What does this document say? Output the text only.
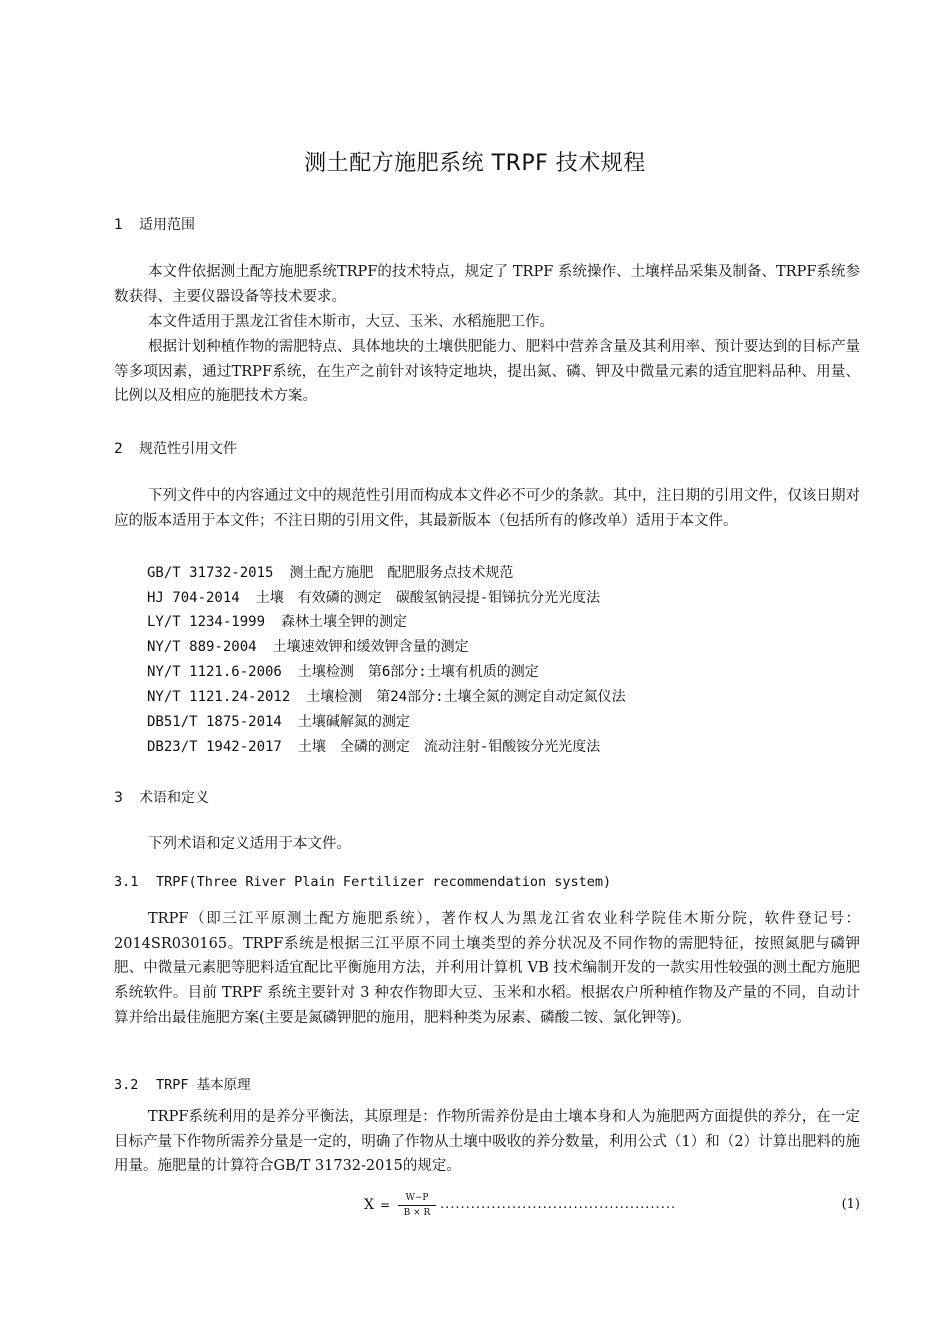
测土配方施肥系统 TRPF 技术规程
1 适用范围

本文件依据测土配方施肥系统TRPF的技术特点，规定了 TRPF 系统操作、土壤样品采集及制备、TRPF系统参数获得、主要仪器设备等技术要求。

本文件适用于黑龙江省佳木斯市，大豆、玉米、水稻施肥工作。

根据计划种植作物的需肥特点、具体地块的土壤供肥能力、肥料中营养含量及其利用率、预计要达到的目标产量等多项因素，通过TRPF系统，在生产之前针对该特定地块，提出氮、磷、钾及中微量元素的适宜肥料品种、用量、比例以及相应的施肥技术方案。

2 规范性引用文件

下列文件中的内容通过文中的规范性引用而构成本文件必不可少的条款。其中，注日期的引用文件，仅该日期对应的版本适用于本文件；不注日期的引用文件，其最新版本（包括所有的修改单）适用于本文件。

GB/T 31732-2015 测土配方施肥　配肥服务点技术规范
HJ 704-2014 土壤　有效磷的测定　碳酸氢钠浸提-钼锑抗分光光度法
LY/T 1234-1999 森林土壤全钾的测定
NY/T 889-2004 土壤速效钾和缓效钾含量的测定
NY/T 1121.6-2006 土壤检测　第6部分:土壤有机质的测定
NY/T 1121.24-2012 土壤检测　第24部分:土壤全氮的测定自动定氮仪法
DB51/T 1875-2014 土壤碱解氮的测定
DB23/T 1942-2017 土壤　全磷的测定　流动注射-钼酸铵分光光度法
3 术语和定义

下列术语和定义适用于本文件。

3.1 TRPF(Three River Plain Fertilizer recommendation system)

TRPF（即三江平原测土配方施肥系统），著作权人为黑龙江省农业科学院佳木斯分院，软件登记号：2014SR030165。TRPF系统是根据三江平原不同土壤类型的养分状况及不同作物的需肥特征，按照氮肥与磷钾肥、中微量元素肥等肥料适宜配比平衡施用方法，并利用计算机 VB 技术编制开发的一款实用性较强的测土配方施肥系统软件。目前 TRPF 系统主要针对 3 种农作物即大豆、玉米和水稻。根据农户所种植作物及产量的不同，自动计算并给出最佳施肥方案(主要是氮磷钾肥的施用，肥料种类为尿素、磷酸二铵、氯化钾等)。

3.2 TRPF 基本原理

TRPF系统利用的是养分平衡法，其原理是：作物所需养份是由土壤本身和人为施肥两方面提供的养分，在一定目标产量下作物所需养分量是一定的，明确了作物从土壤中吸收的养分数量，利用公式（1）和（2）计算出肥料的施用量。施肥量的计算符合GB/T 31732-2015的规定。

X =	W−P
B × R
..............................................	(1)
